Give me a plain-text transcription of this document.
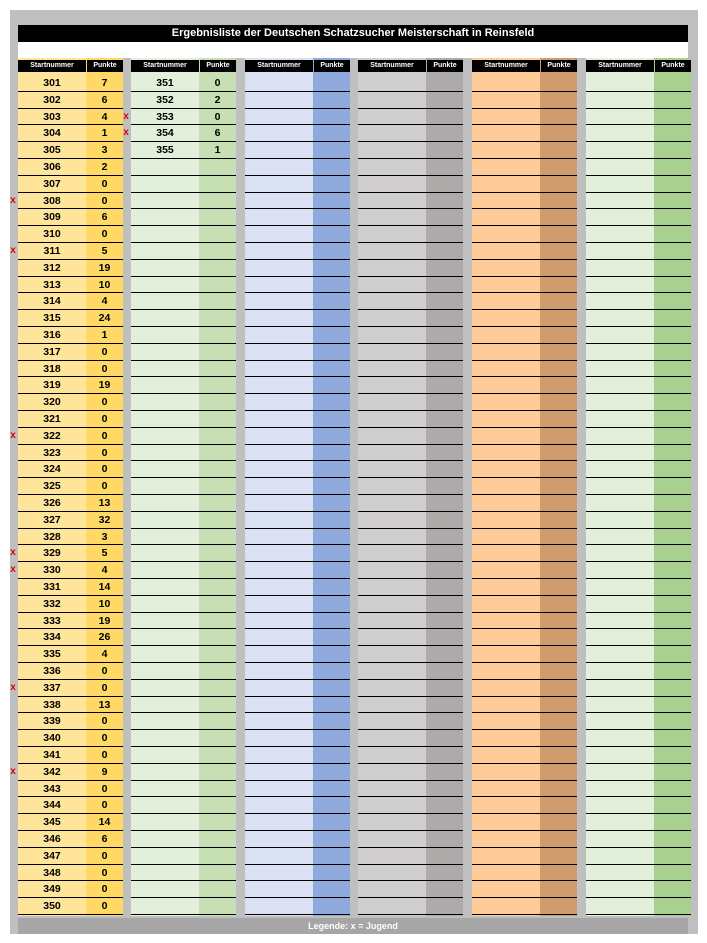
Ergebnisliste der Deutschen Schatzsucher Meisterschaft in Reinsfeld
Startnummer	Punkte
301	7
302	6
303	4
304	1
305	3
306	2
307	0
308	0
x
309	6
310	0
311	5
x
312	19
313	10
314	4
315	24
316	1
317	0
318	0
319	19
320	0
321	0
322	0
x
323	0
324	0
325	0
326	13
327	32
328	3
329	5
x
330	4
x
331	14
332	10
333	19
334	26
335	4
336	0
337	0
x
338	13
339	0
340	0
341	0
342	9
x
343	0
344	0
345	14
346	6
347	0
348	0
349	0
350	0
Startnummer	Punkte
351	0
352	2
353	0
x
354	6
x
355	1
Startnummer	Punkte	Startnummer	Punkte	Startnummer	Punkte	Startnummer	Punkte
Legende: x = Jugend
